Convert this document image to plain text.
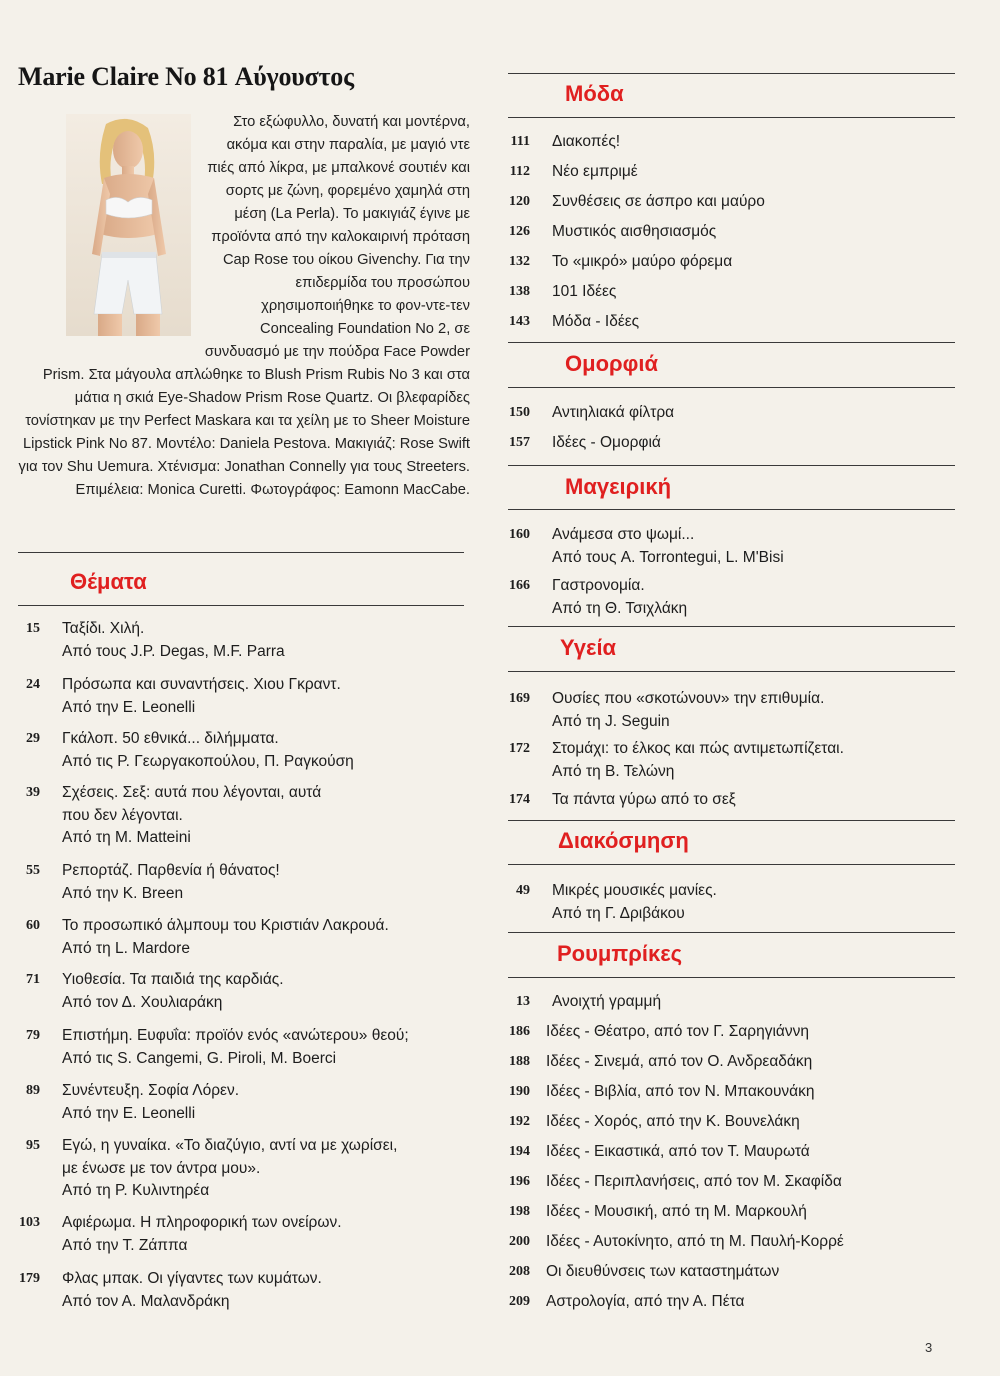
Marie Claire No 81 Αύγουστος
Στο εξώφυλλο, δυνατή και μοντέρνα, ακόμα και στην παραλία, με μαγιό ντε πιές από λίκρα, με μπαλκονέ σουτιέν και σορτς με ζώνη, φορεμένο χαμηλά στη μέση (La Perla). Το μακιγιάζ έγινε με προϊόντα από την καλοκαιρινή πρόταση Cap Rose του οίκου Givenchy. Για την επιδερμίδα του προσώπου χρησιμοποιήθηκε το φον-ντε-τεν Concealing Foundation No 2, σε συνδυασμό με την πούδρα Face Powder Prism. Στα μάγουλα απλώθηκε το Blush Prism Rubis No 3 και στα μάτια η σκιά Eye-Shadow Prism Rose Quartz. Οι βλεφαρίδες τονίστηκαν με την Perfect Maskara και τα χείλη με το Sheer Moisture Lipstick Pink No 87. Μοντέλο: Daniela Pestova. Μακιγιάζ: Rose Swift για τον Shu Uemura. Χτένισμα: Jonathan Connelly για τους Streeters. Επιμέλεια: Monica Curetti. Φωτογράφος: Eamonn MacCabe.
Θέματα
15 Ταξίδι. Χιλή.
Από τους J.P. Degas, M.F. Parra
24 Πρόσωπα και συναντήσεις. Χιου Γκραντ.
Από την E. Leonelli
29 Γκάλοπ. 50 εθνικά... διλήμματα.
Από τις Ρ. Γεωργακοπούλου, Π. Ραγκούση
39 Σχέσεις. Σεξ: αυτά που λέγονται, αυτά
που δεν λέγονται.
Από τη M. Matteini
55 Ρεπορτάζ. Παρθενία ή θάνατος!
Από την K. Breen
60 Το προσωπικό άλμπουμ του Κριστιάν Λακρουά.
Από τη L. Mardore
71 Υιοθεσία. Τα παιδιά της καρδιάς.
Από τον Δ. Χουλιαράκη
79 Επιστήμη. Ευφυΐα: προϊόν ενός «ανώτερου» θεού;
Από τις S. Cangemi, G. Piroli, M. Boerci
89 Συνέντευξη. Σοφία Λόρεν.
Από την E. Leonelli
95 Εγώ, η γυναίκα. «Το διαζύγιο, αντί να με χωρίσει,
με ένωσε με τον άντρα μου».
Από τη Ρ. Κυλιντηρέα
103 Αφιέρωμα. Η πληροφορική των ονείρων.
Από την Τ. Ζάππα
179 Φλας μπακ. Οι γίγαντες των κυμάτων.
Από τον Α. Μαλανδράκη
Μόδα
111 Διακοπές!
112 Νέο εμπριμέ
120 Συνθέσεις σε άσπρο και μαύρο
126 Μυστικός αισθησιασμός
132 Το «μικρό» μαύρο φόρεμα
138 101 Ιδέες
143 Μόδα - Ιδέες
Ομορφιά
150 Αντιηλιακά φίλτρα
157 Ιδέες - Ομορφιά
Μαγειρική
160 Ανάμεσα στο ψωμί...
Από τους A. Torrontegui, L. M'Bisi
166 Γαστρονομία.
Από τη Θ. Τσιχλάκη
Υγεία
169 Ουσίες που «σκοτώνουν» την επιθυμία.
Από τη J. Seguin
172 Στομάχι: το έλκος και πώς αντιμετωπίζεται.
Από τη Β. Τελώνη
174 Τα πάντα γύρω από το σεξ
Διακόσμηση
49 Μικρές μουσικές μανίες.
Από τη Γ. Δριβάκου
Ρουμπρίκες
13 Ανοιχτή γραμμή
186 Ιδέες - Θέατρο, από τον Γ. Σαρηγιάννη
188 Ιδέες - Σινεμά, από τον Ο. Ανδρεαδάκη
190 Ιδέες - Βιβλία, από τον Ν. Μπακουνάκη
192 Ιδέες - Χορός, από την Κ. Βουνελάκη
194 Ιδέες - Εικαστικά, από τον Τ. Μαυρωτά
196 Ιδέες - Περιπλανήσεις, από τον Μ. Σκαφίδα
198 Ιδέες - Μουσική, από τη Μ. Μαρκουλή
200 Ιδέες - Αυτοκίνητο, από τη Μ. Παυλή-Κορρέ
208 Οι διευθύνσεις των καταστημάτων
209 Αστρολογία, από την Α. Πέτα
3
